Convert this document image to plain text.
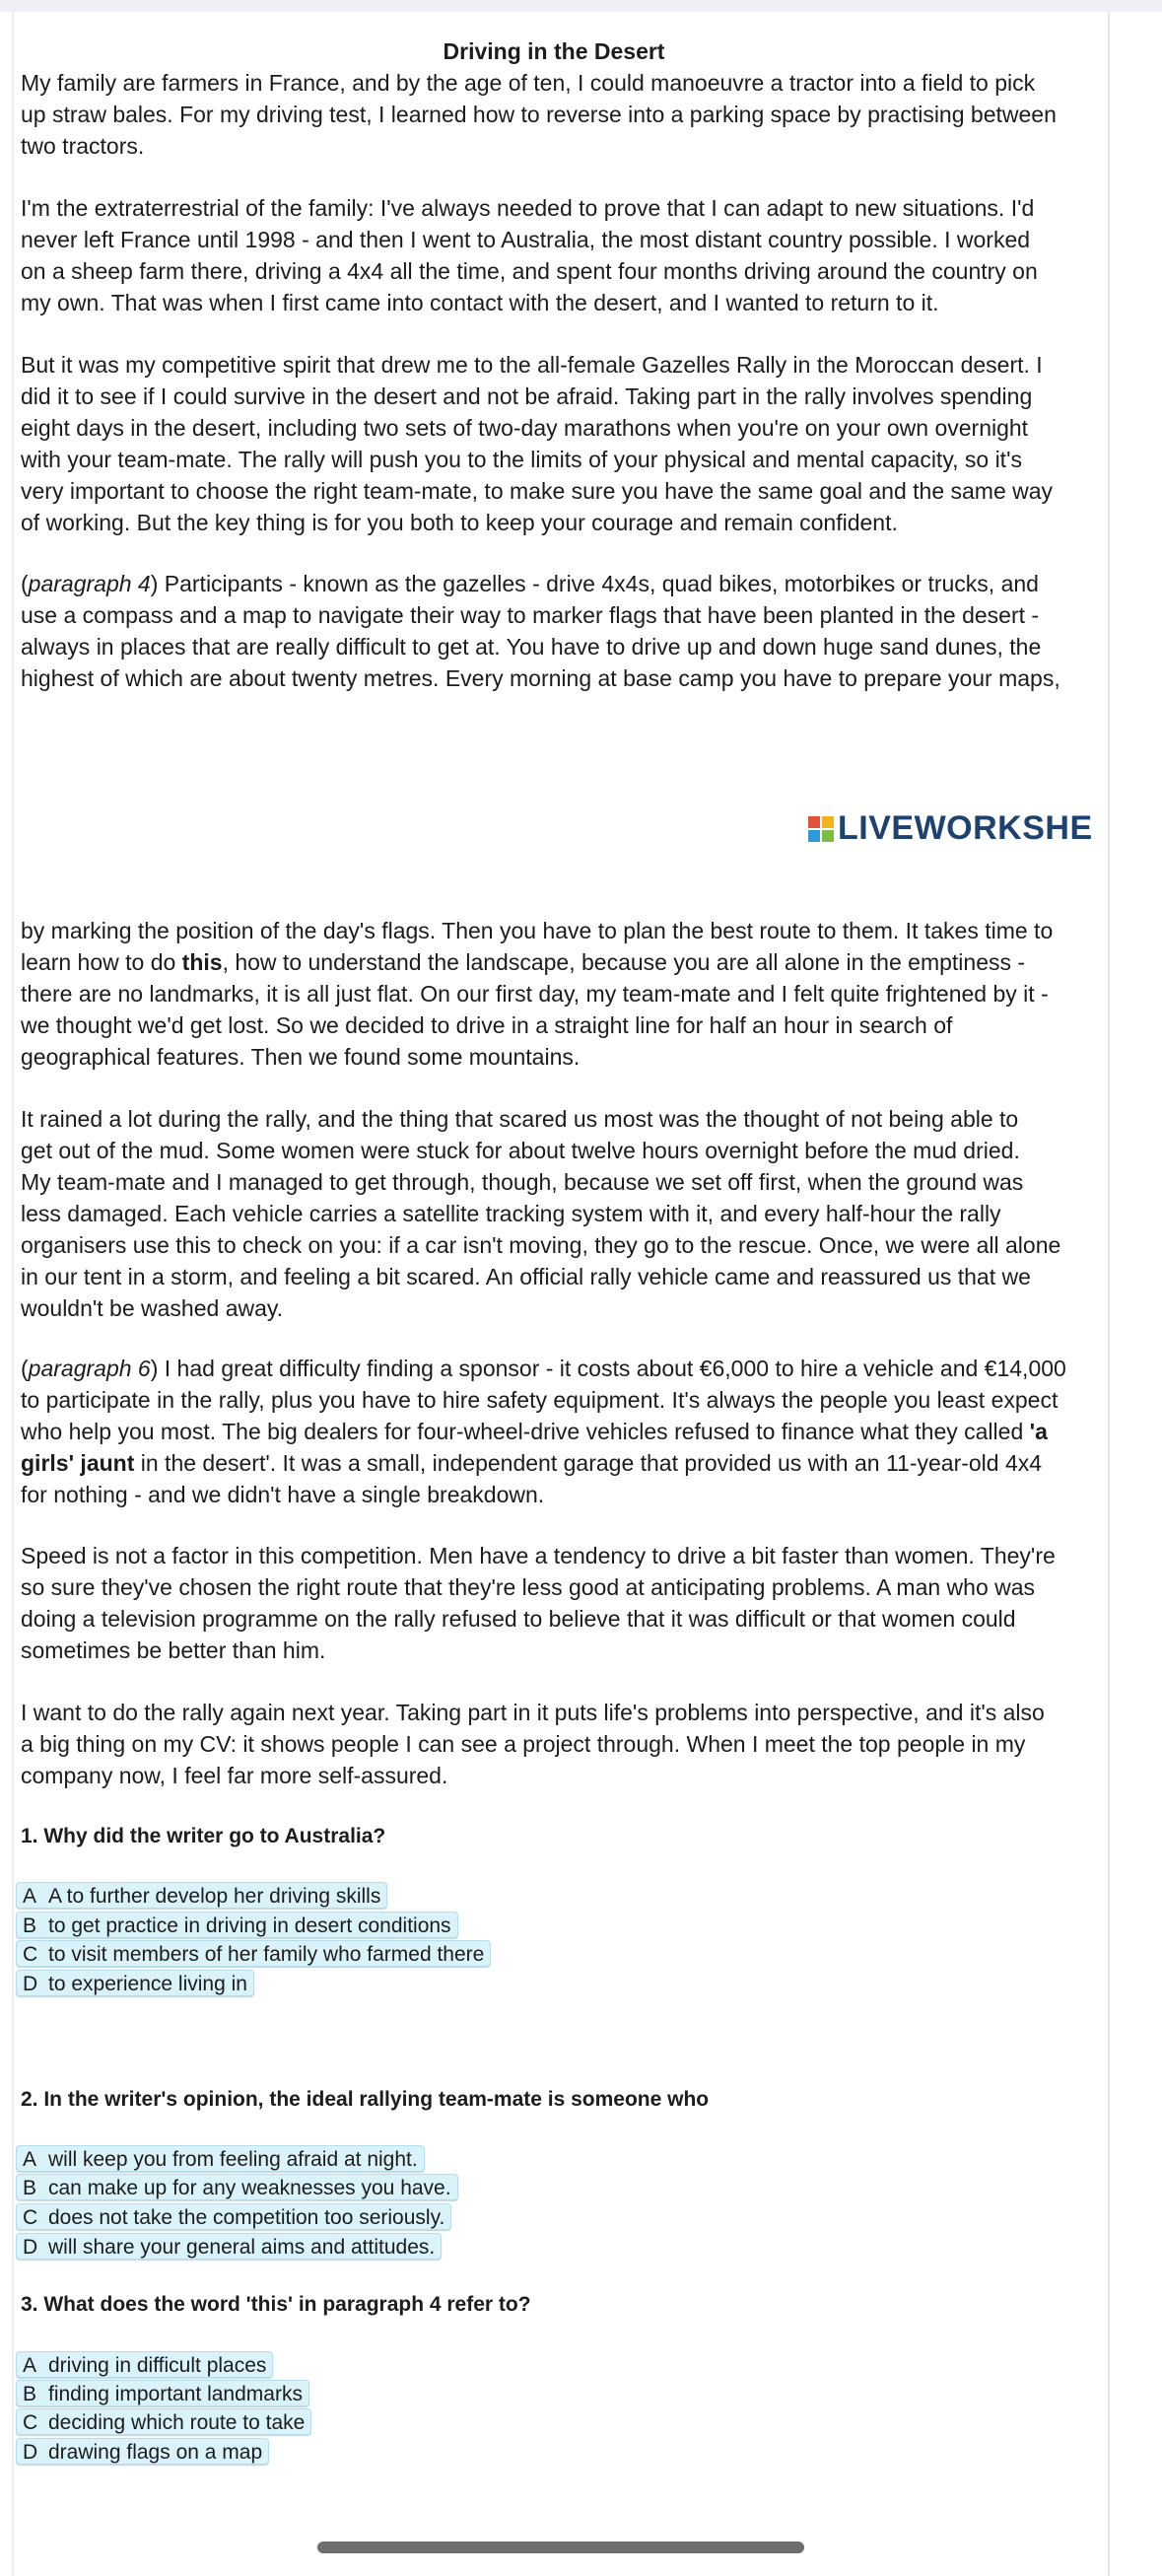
Driving in the Desert

My family are farmers in France, and by the age of ten, I could manoeuvre a tractor into a field to pick
up straw bales. For my driving test, I learned how to reverse into a parking space by practising between
two tractors.

I'm the extraterrestrial of the family: I've always needed to prove that I can adapt to new situations. I'd
never left France until 1998 - and then I went to Australia, the most distant country possible. I worked
on a sheep farm there, driving a 4x4 all the time, and spent four months driving around the country on
my own. That was when I first came into contact with the desert, and I wanted to return to it.

But it was my competitive spirit that drew me to the all-female Gazelles Rally in the Moroccan desert. I
did it to see if I could survive in the desert and not be afraid. Taking part in the rally involves spending
eight days in the desert, including two sets of two-day marathons when you're on your own overnight
with your team-mate. The rally will push you to the limits of your physical and mental capacity, so it's
very important to choose the right team-mate, to make sure you have the same goal and the same way
of working. But the key thing is for you both to keep your courage and remain confident.

(paragraph 4) Participants - known as the gazelles - drive 4x4s, quad bikes, motorbikes or trucks, and
use a compass and a map to navigate their way to marker flags that have been planted in the desert -
always in places that are really difficult to get at. You have to drive up and down huge sand dunes, the
highest of which are about twenty metres. Every morning at base camp you have to prepare your maps,

LIVEWORKSHE

by marking the position of the day's flags. Then you have to plan the best route to them. It takes time to
learn how to do this, how to understand the landscape, because you are all alone in the emptiness -
there are no landmarks, it is all just flat. On our first day, my team-mate and I felt quite frightened by it -
we thought we'd get lost. So we decided to drive in a straight line for half an hour in search of
geographical features. Then we found some mountains.

It rained a lot during the rally, and the thing that scared us most was the thought of not being able to
get out of the mud. Some women were stuck for about twelve hours overnight before the mud dried.
My team-mate and I managed to get through, though, because we set off first, when the ground was
less damaged. Each vehicle carries a satellite tracking system with it, and every half-hour the rally
organisers use this to check on you: if a car isn't moving, they go to the rescue. Once, we were all alone
in our tent in a storm, and feeling a bit scared. An official rally vehicle came and reassured us that we
wouldn't be washed away.

(paragraph 6) I had great difficulty finding a sponsor - it costs about €6,000 to hire a vehicle and €14,000
to participate in the rally, plus you have to hire safety equipment. It's always the people you least expect
who help you most. The big dealers for four-wheel-drive vehicles refused to finance what they called 'a
girls' jaunt in the desert'. It was a small, independent garage that provided us with an 11-year-old 4x4
for nothing - and we didn't have a single breakdown.

Speed is not a factor in this competition. Men have a tendency to drive a bit faster than women. They're
so sure they've chosen the right route that they're less good at anticipating problems. A man who was
doing a television programme on the rally refused to believe that it was difficult or that women could
sometimes be better than him.

I want to do the rally again next year. Taking part in it puts life's problems into perspective, and it's also
a big thing on my CV: it shows people I can see a project through. When I meet the top people in my
company now, I feel far more self-assured.

1. Why did the writer go to Australia?
A A to further develop her driving skills
B to get practice in driving in desert conditions
C to visit members of her family who farmed there
D to experience living in
2. In the writer's opinion, the ideal rallying team-mate is someone who
A will keep you from feeling afraid at night.
B can make up for any weaknesses you have.
C does not take the competition too seriously.
D will share your general aims and attitudes.
3. What does the word 'this' in paragraph 4 refer to?
A driving in difficult places
B finding important landmarks
C deciding which route to take
D drawing flags on a map
